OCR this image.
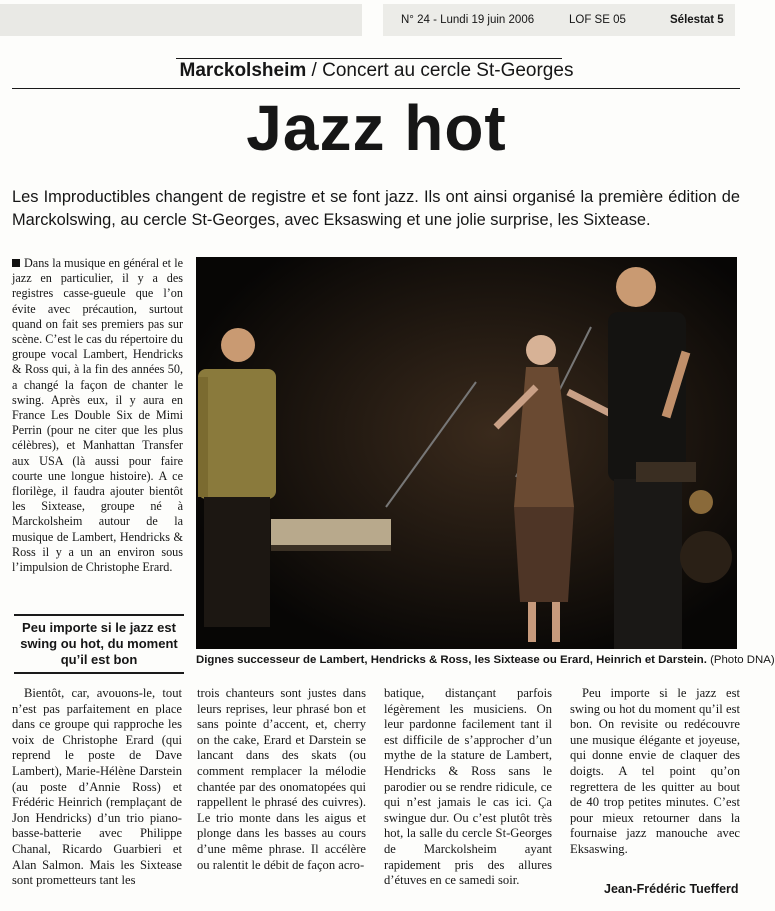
N° 24 - Lundi 19 juin 2006	LOF SE 05	Sélestat 5
Marckolsheim / Concert au cercle St-Georges
Jazz hot
Les Improductibles changent de registre et se font jazz. Ils ont ainsi organisé la première édition de Marckolswing, au cercle St-Georges, avec Eksaswing et une jolie surprise, les Sixtease.
Dans la musique en général et le jazz en particulier, il y a des registres casse-gueule que l’on évite avec précaution, surtout quand on fait ses premiers pas sur scène. C’est le cas du répertoire du groupe vocal Lambert, Hendricks & Ross qui, à la fin des années 50, a changé la façon de chanter le swing. Après eux, il y aura en France Les Double Six de Mimi Perrin (pour ne citer que les plus célèbres), et Manhattan Transfer aux USA (là aussi pour faire courte une longue histoire). A ce florilège, il faudra ajouter bientôt les Sixtease, groupe né à Marckolsheim autour de la musique de Lambert, Hendricks & Ross il y a un an environ sous l’impulsion de Christophe Erard.
Peu importe si le jazz est swing ou hot, du moment qu’il est bon	Dignes successeur de Lambert, Hendricks & Ross, les Sixtease ou Erard, Heinrich et Darstein. (Photo DNA)

Bientôt, car, avouons-le, tout n’est pas parfaitement en place dans ce groupe qui rapproche les voix de Christophe Erard (qui reprend le poste de Dave Lambert), Marie-Hélène Darstein (au poste d’Annie Ross) et Frédéric Heinrich (remplaçant de Jon Hendricks) d’un trio piano-basse-batterie avec Philippe Chanal, Ricardo Guarbieri et Alan Salmon. Mais les Sixtease sont prometteurs tant les

trois chanteurs sont justes dans leurs reprises, leur phrasé bon et sans pointe d’accent, et, cherry on the cake, Erard et Darstein se lancant dans des skats (ou comment remplacer la mélodie chantée par des onomatopées qui rappellent le phrasé des cuivres). Le trio monte dans les aigus et plonge dans les basses au cours d’une même phrase. Il accélère ou ralentit le débit de façon acro-

batique, distançant parfois légèrement les musiciens. On leur pardonne facilement tant il est difficile de s’approcher d’un mythe de la stature de Lambert, Hendricks & Ross sans le parodier ou se rendre ridicule, ce qui n’est jamais le cas ici. Ça swingue dur. Ou c’est plutôt très hot, la salle du cercle St-Georges de Marckolsheim ayant rapidement pris des allures d’étuves en ce samedi soir.

Peu importe si le jazz est swing ou hot du moment qu’il est bon. On revisite ou redécouvre une musique élégante et joyeuse, qui donne envie de claquer des doigts. A tel point qu’on regrettera de les quitter au bout de 40 trop petites minutes. C’est pour mieux retourner dans la fournaise jazz manouche avec Eksaswing.

Jean-Frédéric Tuefferd
